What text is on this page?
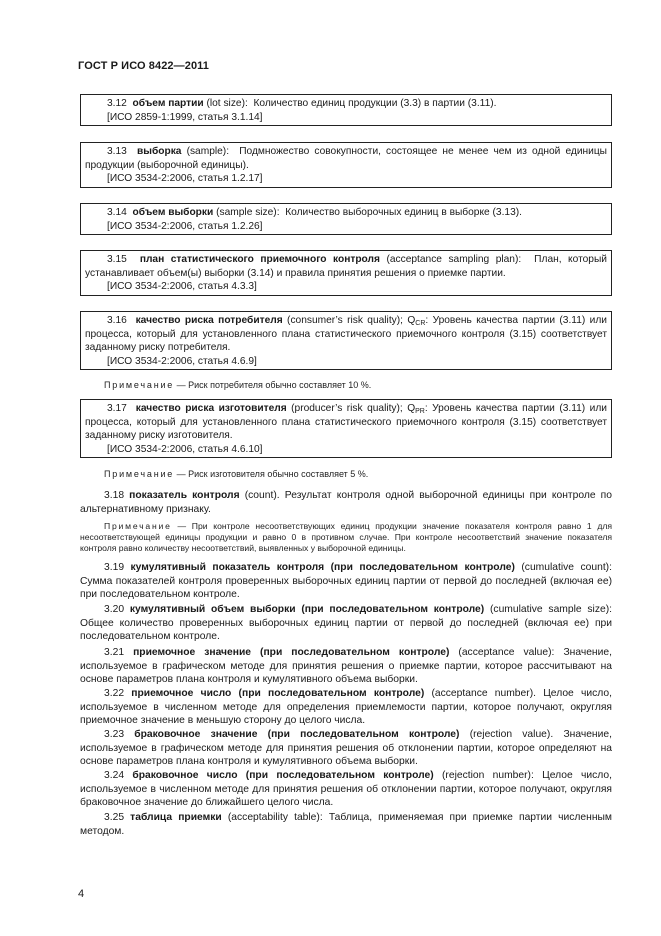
ГОСТ Р ИСО 8422—2011

3.12 объем партии (lot size): Количество единиц продукции (3.3) в партии (3.11).

[ИСО 2859-1:1999, статья 3.1.14]

3.13 выборка (sample): Подмножество совокупности, состоящее не менее чем из одной единицы продукции (выборочной единицы).

[ИСО 3534-2:2006, статья 1.2.17]

3.14 объем выборки (sample size): Количество выборочных единиц в выборке (3.13).

[ИСО 3534-2:2006, статья 1.2.26]

3.15 план статистического приемочного контроля (acceptance sampling plan): План, который устанавливает объем(ы) выборки (3.14) и правила принятия решения о приемке партии.

[ИСО 3534-2:2006, статья 4.3.3]

3.16 качество риска потребителя (consumer’s risk quality); $Q_{CR}$: Уровень качества партии (3.11) или процесса, который для установленного плана статистического приемочного контроля (3.15) соответствует заданному риску потребителя.

[ИСО 3534-2:2006, статья 4.6.9]

Примечание — Риск потребителя обычно составляет 10 %.

3.17 качество риска изготовителя (producer’s risk quality); $Q_{PR}$: Уровень качества партии (3.11) или процесса, который для установленного плана статистического приемочного контроля (3.15) соответствует заданному риску изготовителя.

[ИСО 3534-2:2006, статья 4.6.10]

Примечание — Риск изготовителя обычно составляет 5 %.

3.18 показатель контроля (count). Результат контроля одной выборочной единицы при контроле по альтернативному признаку.

Примечание — При контроле несоответствующих единиц продукции значение показателя контроля равно 1 для несоответствующей единицы продукции и равно 0 в противном случае. При контроле несоответствий значение показателя контроля равно количеству несоответствий, выявленных у выборочной единицы.

3.19 кумулятивный показатель контроля (при последовательном контроле) (cumulative count): Сумма показателей контроля проверенных выборочных единиц партии от первой до последней (включая ее) при последовательном контроле.

3.20 кумулятивный объем выборки (при последовательном контроле) (cumulative sample size): Общее количество проверенных выборочных единиц партии от первой до последней (включая ее) при последовательном контроле.

3.21 приемочное значение (при последовательном контроле) (acceptance value): Значение, используемое в графическом методе для принятия решения о приемке партии, которое рассчитывают на основе параметров плана контроля и кумулятивного объема выборки.

3.22 приемочное число (при последовательном контроле) (acceptance number). Целое число, используемое в численном методе для определения приемлемости партии, которое получают, округляя приемочное значение в меньшую сторону до целого числа.

3.23 браковочное значение (при последовательном контроле) (rejection value). Значение, используемое в графическом методе для принятия решения об отклонении партии, которое определяют на основе параметров плана контроля и кумулятивного объема выборки.

3.24 браковочное число (при последовательном контроле) (rejection number): Целое число, используемое в численном методе для принятия решения об отклонении партии, которое получают, округляя браковочное значение до ближайшего целого числа.

3.25 таблица приемки (acceptability table): Таблица, применяемая при приемке партии численным методом.

4
